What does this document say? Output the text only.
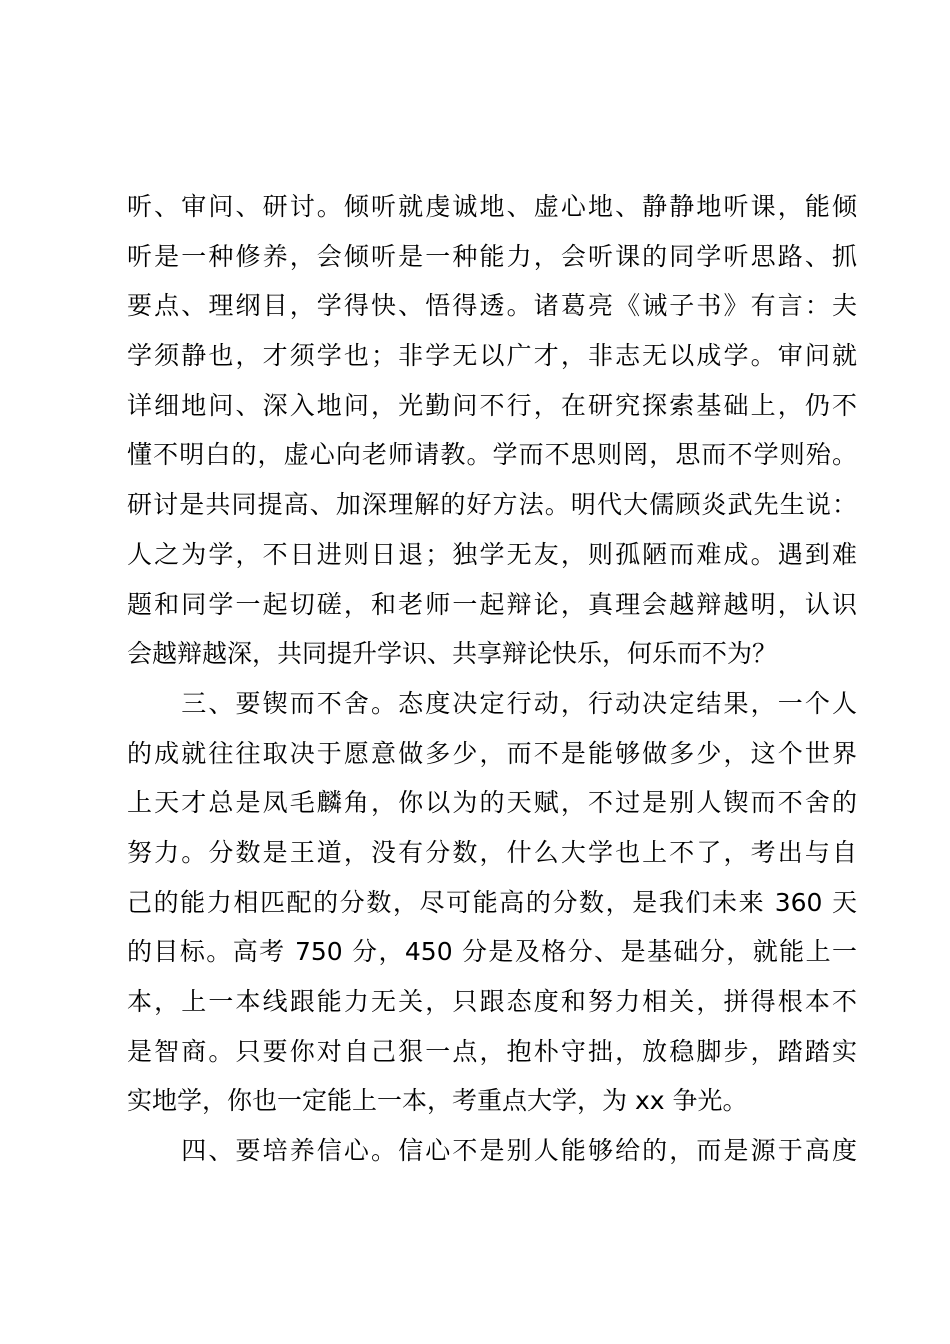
听、审问、研讨。倾听就虔诚地、虚心地、静静地听课，能倾
听是一种修养，会倾听是一种能力，会听课的同学听思路、抓
要点、理纲目，学得快、悟得透。诸葛亮《诫子书》有言：夫
学须静也，才须学也；非学无以广才，非志无以成学。审问就
详细地问、深入地问，光勤问不行，在研究探索基础上，仍不
懂不明白的，虚心向老师请教。学而不思则罔，思而不学则殆。
研讨是共同提高、加深理解的好方法。明代大儒顾炎武先生说：
人之为学，不日进则日退；独学无友，则孤陋而难成。遇到难
题和同学一起切磋，和老师一起辩论，真理会越辩越明，认识
会越辩越深，共同提升学识、共享辩论快乐，何乐而不为？
　　三、要锲而不舍。态度决定行动，行动决定结果，一个人
的成就往往取决于愿意做多少，而不是能够做多少，这个世界
上天才总是凤毛麟角，你以为的天赋，不过是别人锲而不舍的
努力。分数是王道，没有分数，什么大学也上不了，考出与自
己的能力相匹配的分数，尽可能高的分数，是我们未来 360 天
的目标。高考 750 分，450 分是及格分、是基础分，就能上一
本，上一本线跟能力无关，只跟态度和努力相关，拼得根本不
是智商。只要你对自己狠一点，抱朴守拙，放稳脚步，踏踏实
实地学，你也一定能上一本，考重点大学，为 xx 争光。
　　四、要培养信心。信心不是别人能够给的，而是源于高度
